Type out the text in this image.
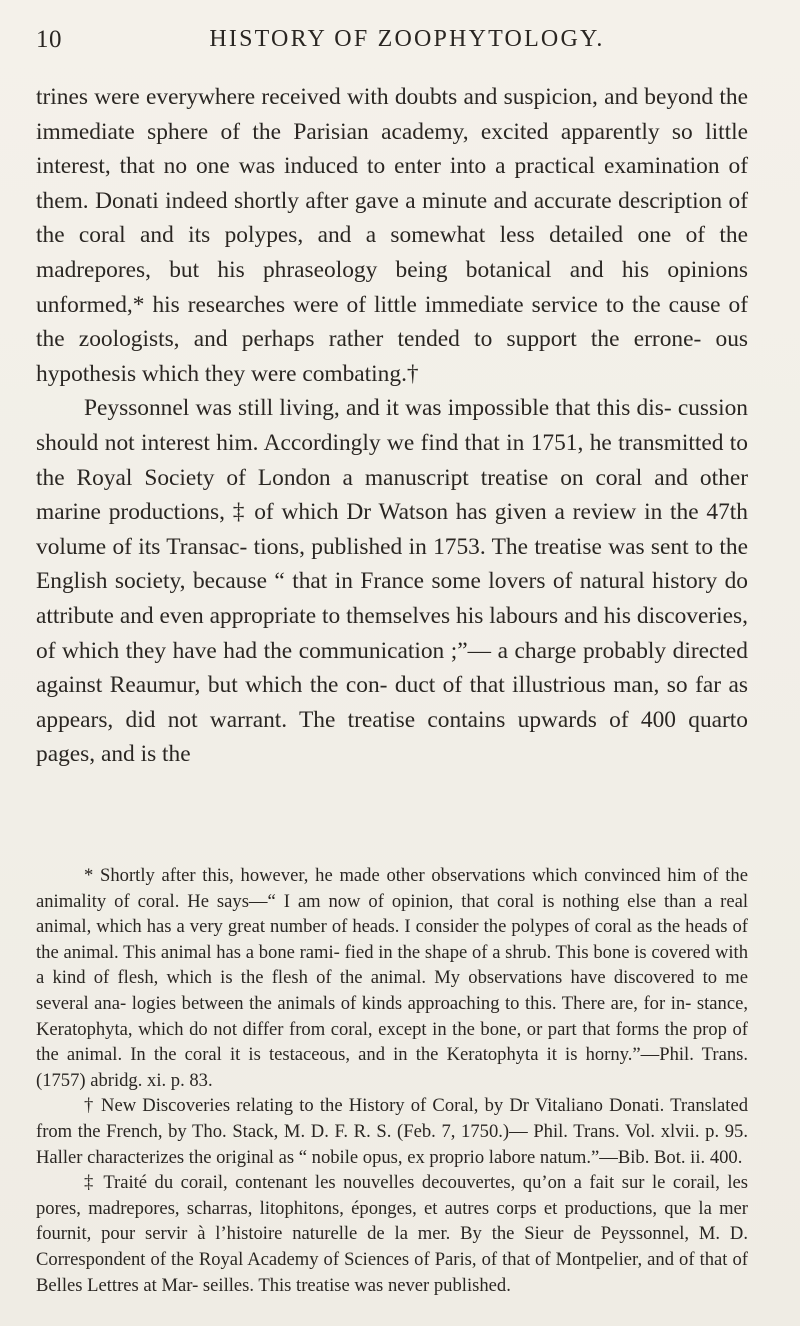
10	HISTORY OF ZOOPHYTOLOGY.

trines were everywhere received with doubts and suspicion, and beyond the immediate sphere of the Parisian academy, excited apparently so little interest, that no one was induced to enter into a practical examination of them. Donati indeed shortly after gave a minute and accurate description of the coral and its polypes, and a somewhat less detailed one of the madrepores, but his phraseology being botanical and his opinions unformed,* his researches were of little immediate service to the cause of the zoologists, and perhaps rather tended to support the errone- ous hypothesis which they were combating.†

Peyssonnel was still living, and it was impossible that this dis- cussion should not interest him. Accordingly we find that in 1751, he transmitted to the Royal Society of London a manuscript treatise on coral and other marine productions, ‡ of which Dr Watson has given a review in the 47th volume of its Transac- tions, published in 1753. The treatise was sent to the English society, because “ that in France some lovers of natural history do attribute and even appropriate to themselves his labours and his discoveries, of which they have had the communication ;”— a charge probably directed against Reaumur, but which the con- duct of that illustrious man, so far as appears, did not warrant. The treatise contains upwards of 400 quarto pages, and is the

* Shortly after this, however, he made other observations which convinced him of the animality of coral. He says—“ I am now of opinion, that coral is nothing else than a real animal, which has a very great number of heads. I consider the polypes of coral as the heads of the animal. This animal has a bone rami- fied in the shape of a shrub. This bone is covered with a kind of flesh, which is the flesh of the animal. My observations have discovered to me several ana- logies between the animals of kinds approaching to this. There are, for in- stance, Keratophyta, which do not differ from coral, except in the bone, or part that forms the prop of the animal. In the coral it is testaceous, and in the Keratophyta it is horny.”—Phil. Trans. (1757) abridg. xi. p. 83.

† New Discoveries relating to the History of Coral, by Dr Vitaliano Donati. Translated from the French, by Tho. Stack, M. D. F. R. S. (Feb. 7, 1750.)— Phil. Trans. Vol. xlvii. p. 95. Haller characterizes the original as “ nobile opus, ex proprio labore natum.”—Bib. Bot. ii. 400.

‡ Traité du corail, contenant les nouvelles decouvertes, qu’on a fait sur le corail, les pores, madrepores, scharras, litophitons, éponges, et autres corps et productions, que la mer fournit, pour servir à l’histoire naturelle de la mer. By the Sieur de Peyssonnel, M. D. Correspondent of the Royal Academy of Sciences of Paris, of that of Montpelier, and of that of Belles Lettres at Mar- seilles. This treatise was never published.
